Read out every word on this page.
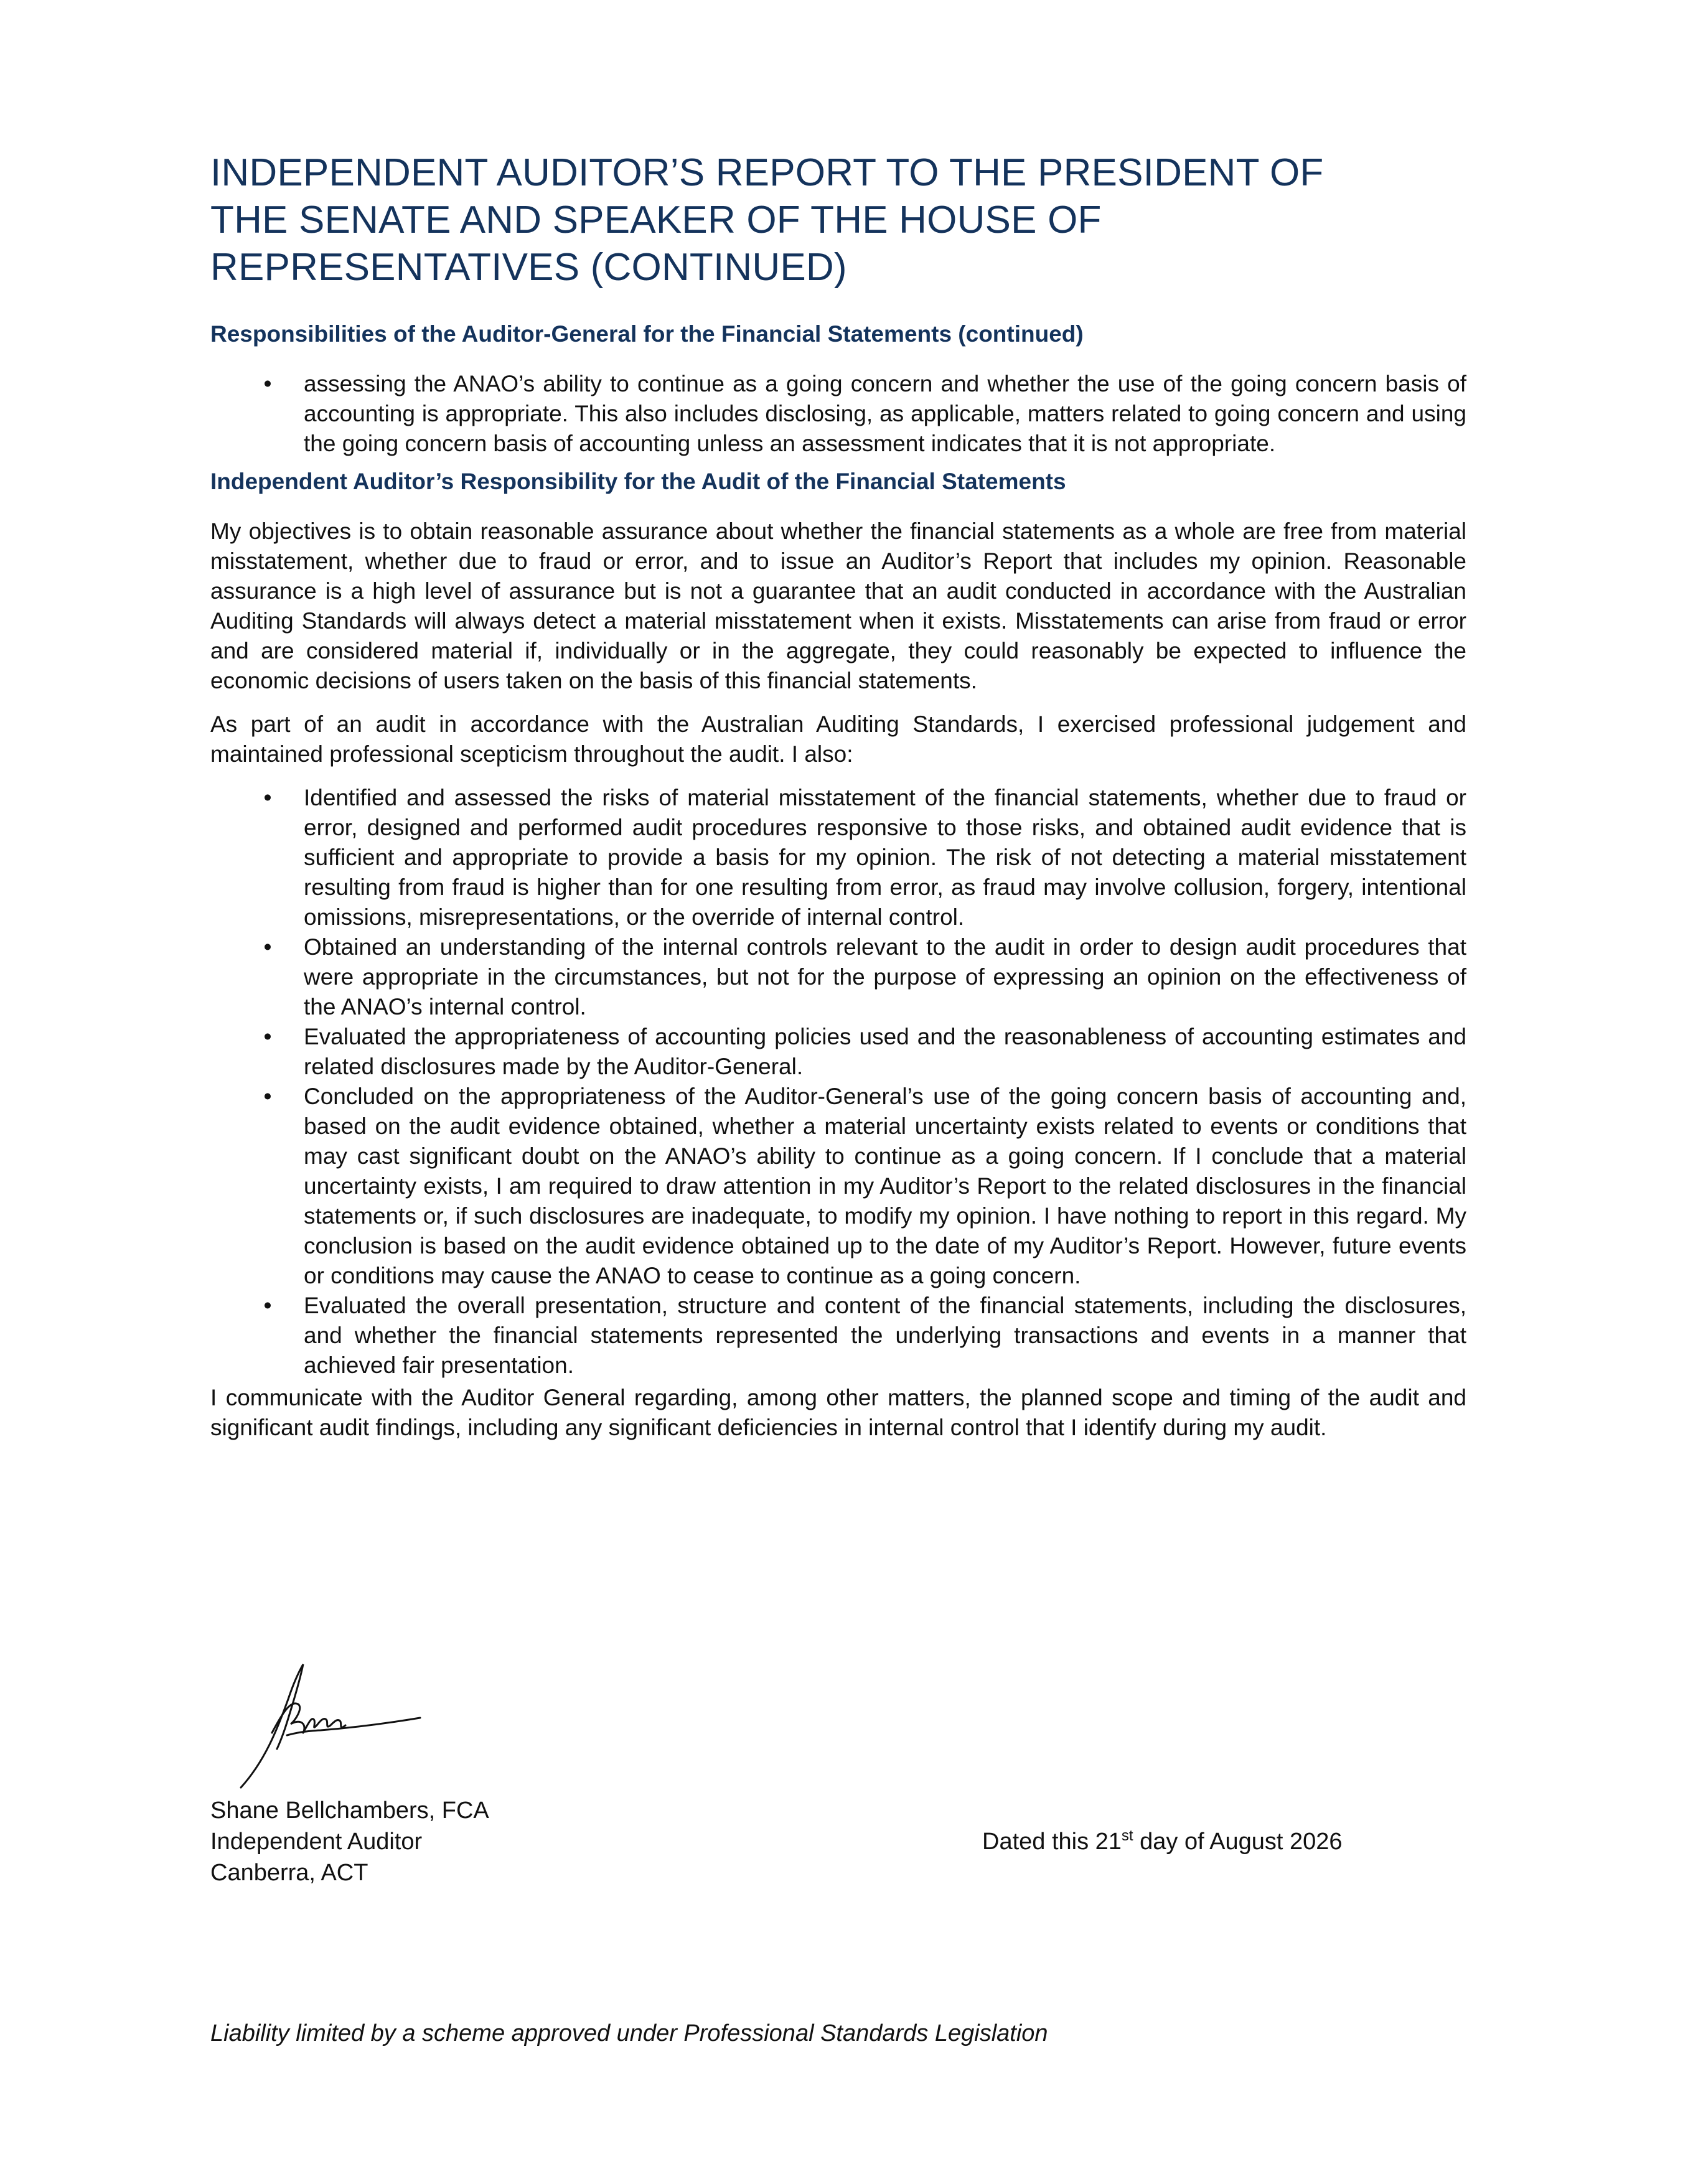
INDEPENDENT AUDITOR’S REPORT TO THE PRESIDENT OF
THE SENATE AND SPEAKER OF THE HOUSE OF
REPRESENTATIVES (CONTINUED)
Responsibilities of the Auditor-General for the Financial Statements (continued)
•	assessing the ANAO’s ability to continue as a going concern and whether the use of the going concern basis of accounting is appropriate. This also includes disclosing, as applicable, matters related to going concern and using the going concern basis of accounting unless an assessment indicates that it is not appropriate.
Independent Auditor’s Responsibility for the Audit of the Financial Statements

My objectives is to obtain reasonable assurance about whether the financial statements as a whole are free from material misstatement, whether due to fraud or error, and to issue an Auditor’s Report that includes my opinion. Reasonable assurance is a high level of assurance but is not a guarantee that an audit conducted in accordance with the Australian Auditing Standards will always detect a material misstatement when it exists. Misstatements can arise from fraud or error and are considered material if, individually or in the aggregate, they could reasonably be expected to influence the economic decisions of users taken on the basis of this financial statements.

As part of an audit in accordance with the Australian Auditing Standards, I exercised professional judgement and maintained professional scepticism throughout the audit. I also:

•	Identified and assessed the risks of material misstatement of the financial statements, whether due to fraud or error, designed and performed audit procedures responsive to those risks, and obtained audit evidence that is sufficient and appropriate to provide a basis for my opinion. The risk of not detecting a material misstatement resulting from fraud is higher than for one resulting from error, as fraud may involve collusion, forgery, intentional omissions, misrepresentations, or the override of internal control.
•	Obtained an understanding of the internal controls relevant to the audit in order to design audit procedures that were appropriate in the circumstances, but not for the purpose of expressing an opinion on the effectiveness of the ANAO’s internal control.
•	Evaluated the appropriateness of accounting policies used and the reasonableness of accounting estimates and related disclosures made by the Auditor-General.
•	Concluded on the appropriateness of the Auditor-General’s use of the going concern basis of accounting and, based on the audit evidence obtained, whether a material uncertainty exists related to events or conditions that may cast significant doubt on the ANAO’s ability to continue as a going concern. If I conclude that a material uncertainty exists, I am required to draw attention in my Auditor’s Report to the related disclosures in the financial statements or, if such disclosures are inadequate, to modify my opinion. I have nothing to report in this regard. My conclusion is based on the audit evidence obtained up to the date of my Auditor’s Report. However, future events or conditions may cause the ANAO to cease to continue as a going concern.
•	Evaluated the overall presentation, structure and content of the financial statements, including the disclosures, and whether the financial statements represented the underlying transactions and events in a manner that achieved fair presentation.

I communicate with the Auditor General regarding, among other matters, the planned scope and timing of the audit and significant audit findings, including any significant deficiencies in internal control that I identify during my audit.

Shane Bellchambers, FCA
Independent Auditor
Canberra, ACT
Dated this 21st day of August 2026
Liability limited by a scheme approved under Professional Standards Legislation
